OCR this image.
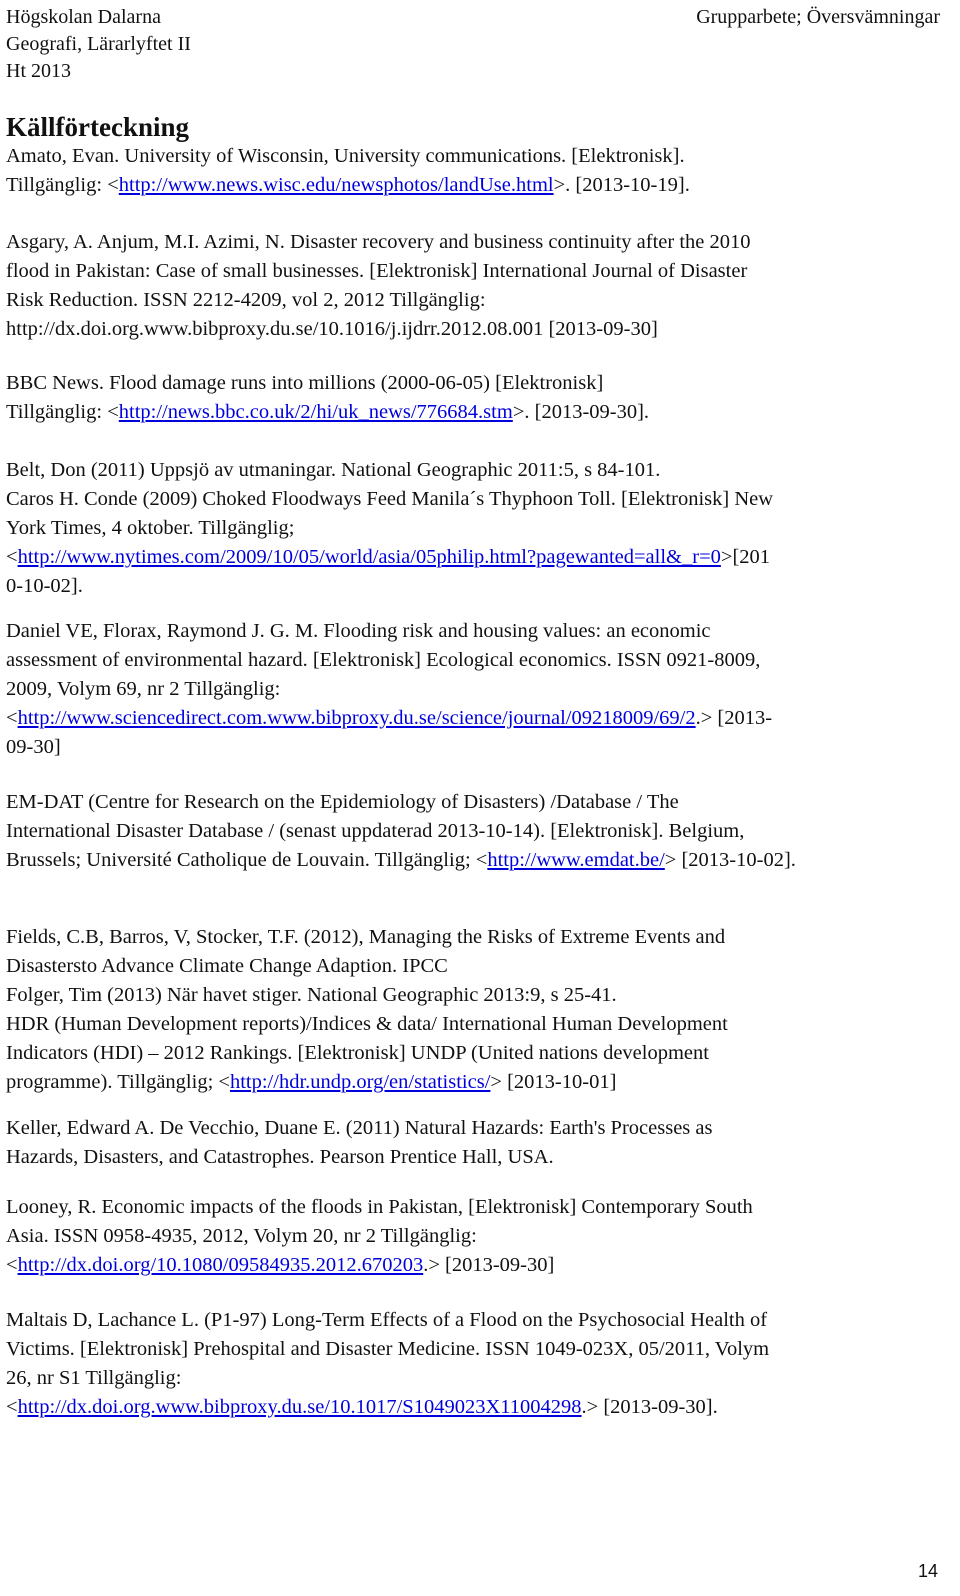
Högskolan Dalarna
Geografi, Lärarlyftet II
Ht 2013
Grupparbete; Översvämningar
Källförteckning

Amato, Evan. University of Wisconsin, University communications. [Elektronisk].
Tillgänglig: <http://www.news.wisc.edu/newsphotos/landUse.html>. [2013-10-19].

Asgary, A. Anjum, M.I. Azimi, N. Disaster recovery and business continuity after the 2010
flood in Pakistan: Case of small businesses. [Elektronisk] International Journal of Disaster
Risk Reduction. ISSN 2212-4209, vol 2, 2012 Tillgänglig:
http://dx.doi.org.www.bibproxy.du.se/10.1016/j.ijdrr.2012.08.001 [2013-09-30]

BBC News. Flood damage runs into millions (2000-06-05) [Elektronisk]
Tillgänglig: <http://news.bbc.co.uk/2/hi/uk_news/776684.stm>. [2013-09-30].

Belt, Don (2011) Uppsjö av utmaningar. National Geographic 2011:5, s 84-101.
Caros H. Conde (2009) Choked Floodways Feed Manila´s Thyphoon Toll. [Elektronisk] New
York Times, 4 oktober. Tillgänglig;
<http://www.nytimes.com/2009/10/05/world/asia/05philip.html?pagewanted=all&_r=0>[201
0-10-02].

Daniel VE, Florax, Raymond J. G. M. Flooding risk and housing values: an economic
assessment of environmental hazard. [Elektronisk] Ecological economics. ISSN 0921-8009,
2009, Volym 69, nr 2 Tillgänglig:
<http://www.sciencedirect.com.www.bibproxy.du.se/science/journal/09218009/69/2.> [2013-
09-30]

EM-DAT (Centre for Research on the Epidemiology of Disasters) /Database / The
International Disaster Database / (senast uppdaterad 2013-10-14). [Elektronisk]. Belgium,
Brussels; Université Catholique de Louvain. Tillgänglig; <http://www.emdat.be/> [2013-10-02].

Fields, C.B, Barros, V, Stocker, T.F. (2012), Managing the Risks of Extreme Events and
Disastersto Advance Climate Change Adaption. IPCC
Folger, Tim (2013) När havet stiger. National Geographic 2013:9, s 25-41.
HDR (Human Development reports)/Indices & data/ International Human Development
Indicators (HDI) – 2012 Rankings. [Elektronisk] UNDP (United nations development
programme). Tillgänglig; <http://hdr.undp.org/en/statistics/> [2013-10-01]

Keller, Edward A. De Vecchio, Duane E. (2011) Natural Hazards: Earth's Processes as
Hazards, Disasters, and Catastrophes. Pearson Prentice Hall, USA.

Looney, R. Economic impacts of the floods in Pakistan, [Elektronisk] Contemporary South
Asia. ISSN 0958-4935, 2012, Volym 20, nr 2 Tillgänglig:
<http://dx.doi.org/10.1080/09584935.2012.670203.> [2013-09-30]

Maltais D, Lachance L. (P1-97) Long-Term Effects of a Flood on the Psychosocial Health of
Victims. [Elektronisk] Prehospital and Disaster Medicine. ISSN 1049-023X, 05/2011, Volym
26, nr S1 Tillgänglig:
<http://dx.doi.org.www.bibproxy.du.se/10.1017/S1049023X11004298.> [2013-09-30].

14
